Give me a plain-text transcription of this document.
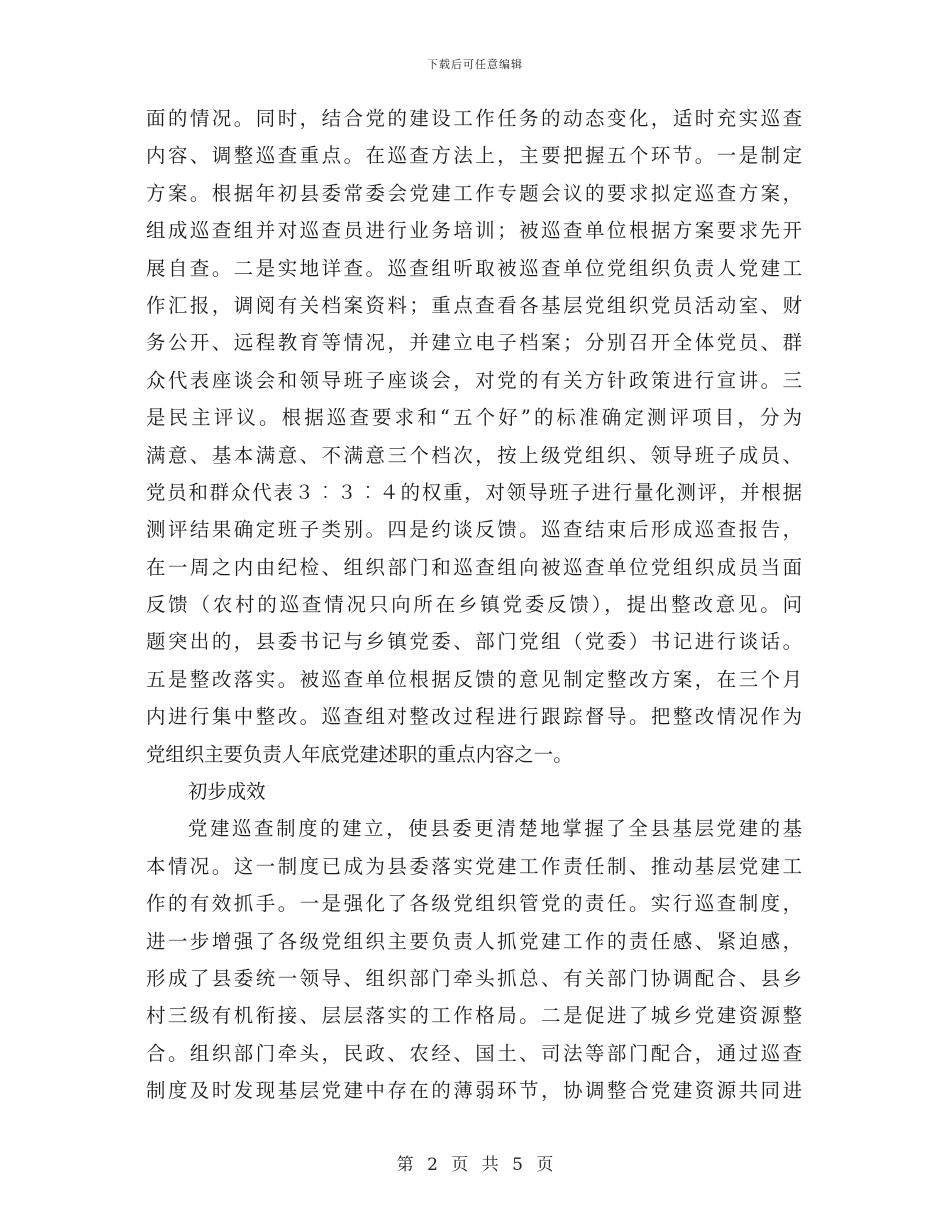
下载后可任意编辑
面的情况。同时，结合党的建设工作任务的动态变化，适时充实巡查
内容、调整巡查重点。在巡查方法上，主要把握五个环节。一是制定
方案。根据年初县委常委会党建工作专题会议的要求拟定巡查方案，
组成巡查组并对巡查员进行业务培训；被巡查单位根据方案要求先开
展自查。二是实地详查。巡查组听取被巡查单位党组织负责人党建工
作汇报，调阅有关档案资料；重点查看各基层党组织党员活动室、财
务公开、远程教育等情况，并建立电子档案；分别召开全体党员、群
众代表座谈会和领导班子座谈会，对党的有关方针政策进行宣讲。三
是民主评议。根据巡查要求和“五个好”的标准确定测评项目，分为
满意、基本满意、不满意三个档次，按上级党组织、领导班子成员、
党员和群众代表３︰３︰４的权重，对领导班子进行量化测评，并根据
测评结果确定班子类别。四是约谈反馈。巡查结束后形成巡查报告，
在一周之内由纪检、组织部门和巡查组向被巡查单位党组织成员当面
反馈（农村的巡查情况只向所在乡镇党委反馈），提出整改意见。问
题突出的，县委书记与乡镇党委、部门党组（党委）书记进行谈话。
五是整改落实。被巡查单位根据反馈的意见制定整改方案，在三个月
内进行集中整改。巡查组对整改过程进行跟踪督导。把整改情况作为
党组织主要负责人年底党建述职的重点内容之一。
初步成效
党建巡查制度的建立，使县委更清楚地掌握了全县基层党建的基
本情况。这一制度已成为县委落实党建工作责任制、推动基层党建工
作的有效抓手。一是强化了各级党组织管党的责任。实行巡查制度，
进一步增强了各级党组织主要负责人抓党建工作的责任感、紧迫感，
形成了县委统一领导、组织部门牵头抓总、有关部门协调配合、县乡
村三级有机衔接、层层落实的工作格局。二是促进了城乡党建资源整
合。组织部门牵头，民政、农经、国土、司法等部门配合，通过巡查
制度及时发现基层党建中存在的薄弱环节，协调整合党建资源共同进
第 2 页 共 5 页
